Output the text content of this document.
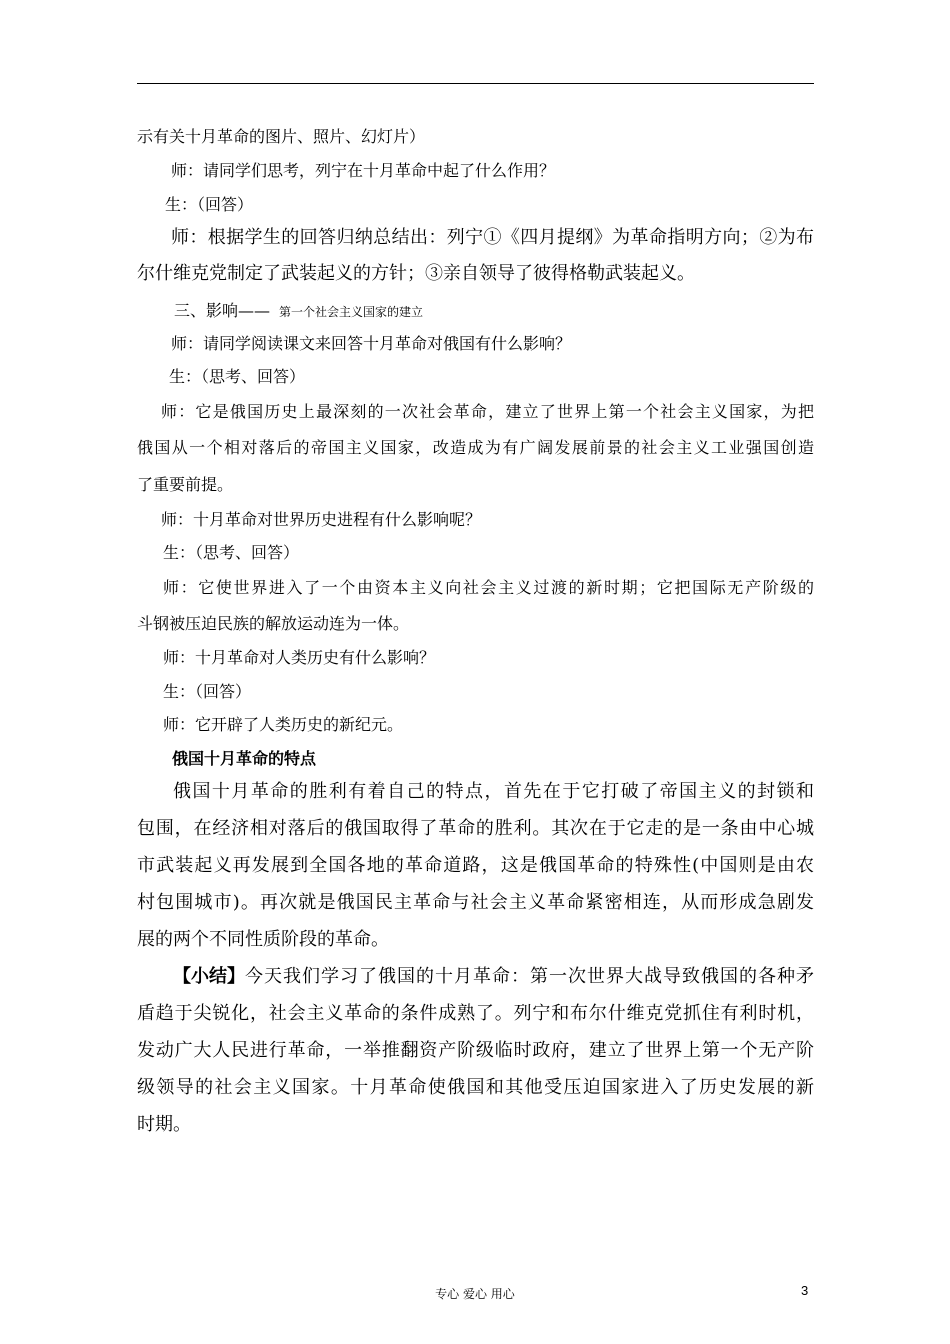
示有关十月革命的图片、照片、幻灯片）
师：请同学们思考，列宁在十月革命中起了什么作用？
生：（回答）
师：根据学生的回答归纳总结出：列宁①《四月提纲》为革命指明方向；②为布
尔什维克党制定了武装起义的方针；③亲自领导了彼得格勒武装起义。
三、影响—— 第一个社会主义国家的建立
师：请同学阅读课文来回答十月革命对俄国有什么影响？
生：（思考、回答）
师：它是俄国历史上最深刻的一次社会革命，建立了世界上第一个社会主义国家，为把
俄国从一个相对落后的帝国主义国家，改造成为有广阔发展前景的社会主义工业强国创造
了重要前提。
师：十月革命对世界历史进程有什么影响呢？
生：（思考、回答）
师：它使世界进入了一个由资本主义向社会主义过渡的新时期；它把国际无产阶级的
斗钢被压迫民族的解放运动连为一体。
师：十月革命对人类历史有什么影响？
生：（回答）
师：它开辟了人类历史的新纪元。
俄国十月革命的特点
俄国十月革命的胜利有着自己的特点，首先在于它打破了帝国主义的封锁和
包围，在经济相对落后的俄国取得了革命的胜利。其次在于它走的是一条由中心城
市武装起义再发展到全国各地的革命道路，这是俄国革命的特殊性(中国则是由农
村包围城市)。再次就是俄国民主革命与社会主义革命紧密相连，从而形成急剧发
展的两个不同性质阶段的革命。
【小结】 今天我们学习了俄国的十月革命：第一次世界大战导致俄国的各种矛
盾趋于尖锐化，社会主义革命的条件成熟了。列宁和布尔什维克党抓住有利时机，
发动广大人民进行革命，一举推翻资产阶级临时政府，建立了世界上第一个无产阶
级领导的社会主义国家。十月革命使俄国和其他受压迫国家进入了历史发展的新
时期。
专心 爱心 用心	3
